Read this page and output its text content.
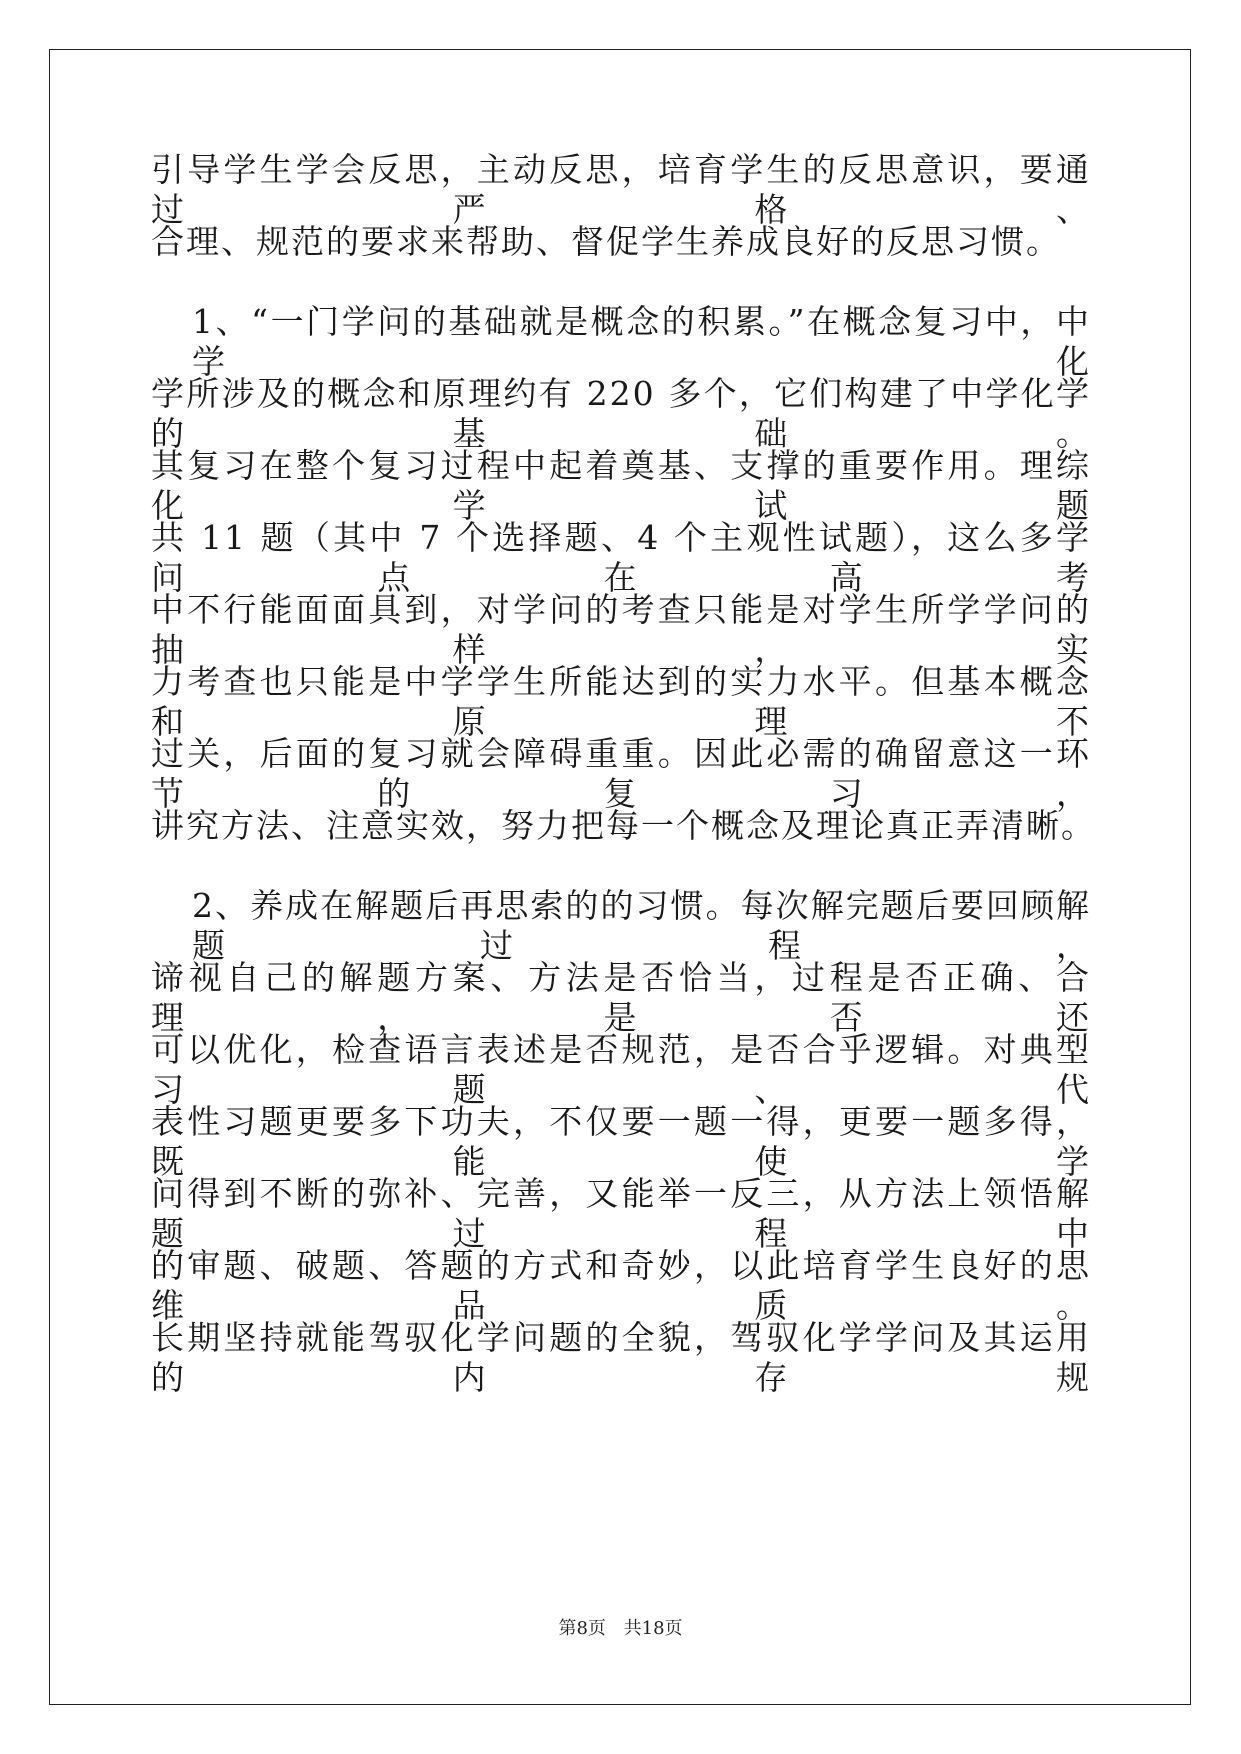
引导学生学会反思，主动反思，培育学生的反思意识，要通过严格、
合理、规范的要求来帮助、督促学生养成良好的反思习惯。
1、“一门学问的基础就是概念的积累。”在概念复习中，中学化
学所涉及的概念和原理约有 220 多个，它们构建了中学化学的基础。
其复习在整个复习过程中起着奠基、支撑的重要作用。理综化学试题
共 11 题（其中 7 个选择题、4 个主观性试题），这么多学问点在高考
中不行能面面具到，对学问的考查只能是对学生所学学问的抽样，实
力考查也只能是中学学生所能达到的实力水平。但基本概念和原理不
过关，后面的复习就会障碍重重。因此必需的确留意这一环节的复习，
讲究方法、注意实效，努力把每一个概念及理论真正弄清晰。
2、养成在解题后再思索的的习惯。每次解完题后要回顾解题过程，
谛视自己的解题方案、方法是否恰当，过程是否正确、合理，是否还
可以优化，检查语言表述是否规范，是否合乎逻辑。对典型习题、代
表性习题更要多下功夫，不仅要一题一得，更要一题多得，既能使学
问得到不断的弥补、完善，又能举一反三，从方法上领悟解题过程中
的审题、破题、答题的方式和奇妙，以此培育学生良好的思维品质。
长期坚持就能驾驭化学问题的全貌，驾驭化学学问及其运用的内存规
第8页 共18页
